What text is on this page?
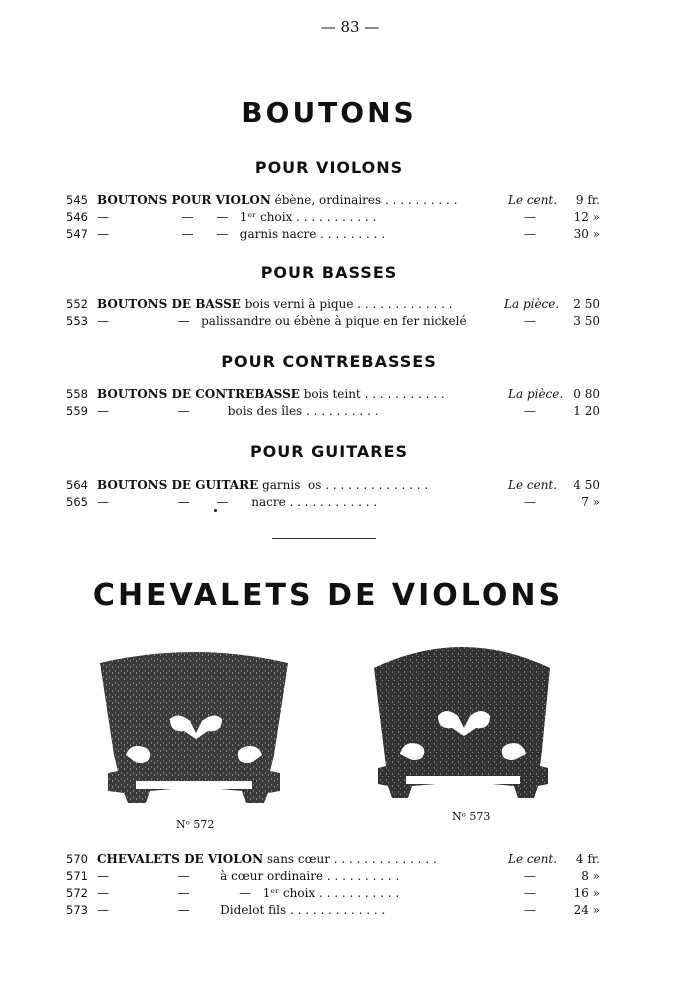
— 83 —
BOUTONS
POUR VIOLONS
545 BOUTONS POUR VIOLON ébène, ordinaires . . . . . . . . . .	Le cent. 9 fr.
546 —                   —      —   1ᵉʳ choix . . . . . . . . . . .	—	12 »
547 —                   —      —   garnis nacre . . . . . . . . .	—	30 »
POUR BASSES
552 BOUTONS DE BASSE bois verni à pique . . . . . . . . . . . . .	La pièce. 2 50
553 —                  —   palissandre ou ébène à pique en fer nickelé	—	3 50
POUR CONTREBASSES
558 BOUTONS DE CONTREBASSE bois teint . . . . . . . . . . .	La pièce. 0 80
559 —                  —          bois des îles . . . . . . . . . .	—	1 20
POUR GUITARES
564 BOUTONS DE GUITARE garnis  os . . . . . . . . . . . . . .	Le cent. 4 50
565 —                  —       —      nacre . . . . . . . . . . . .	—	7 »
CHEVALETS DE VIOLONS
Nᵒ 572
Nᵒ 573
570 CHEVALETS DE VIOLON sans cœur . . . . . . . . . . . . . .	Le cent. 4 fr.
571 —                  —        à cœur ordinaire . . . . . . . . . .	—	8 »
572 —                  —             —   1ᵉʳ choix . . . . . . . . . . .	—	16 »
573 —                  —        Didelot fils . . . . . . . . . . . . .	—	24 »
